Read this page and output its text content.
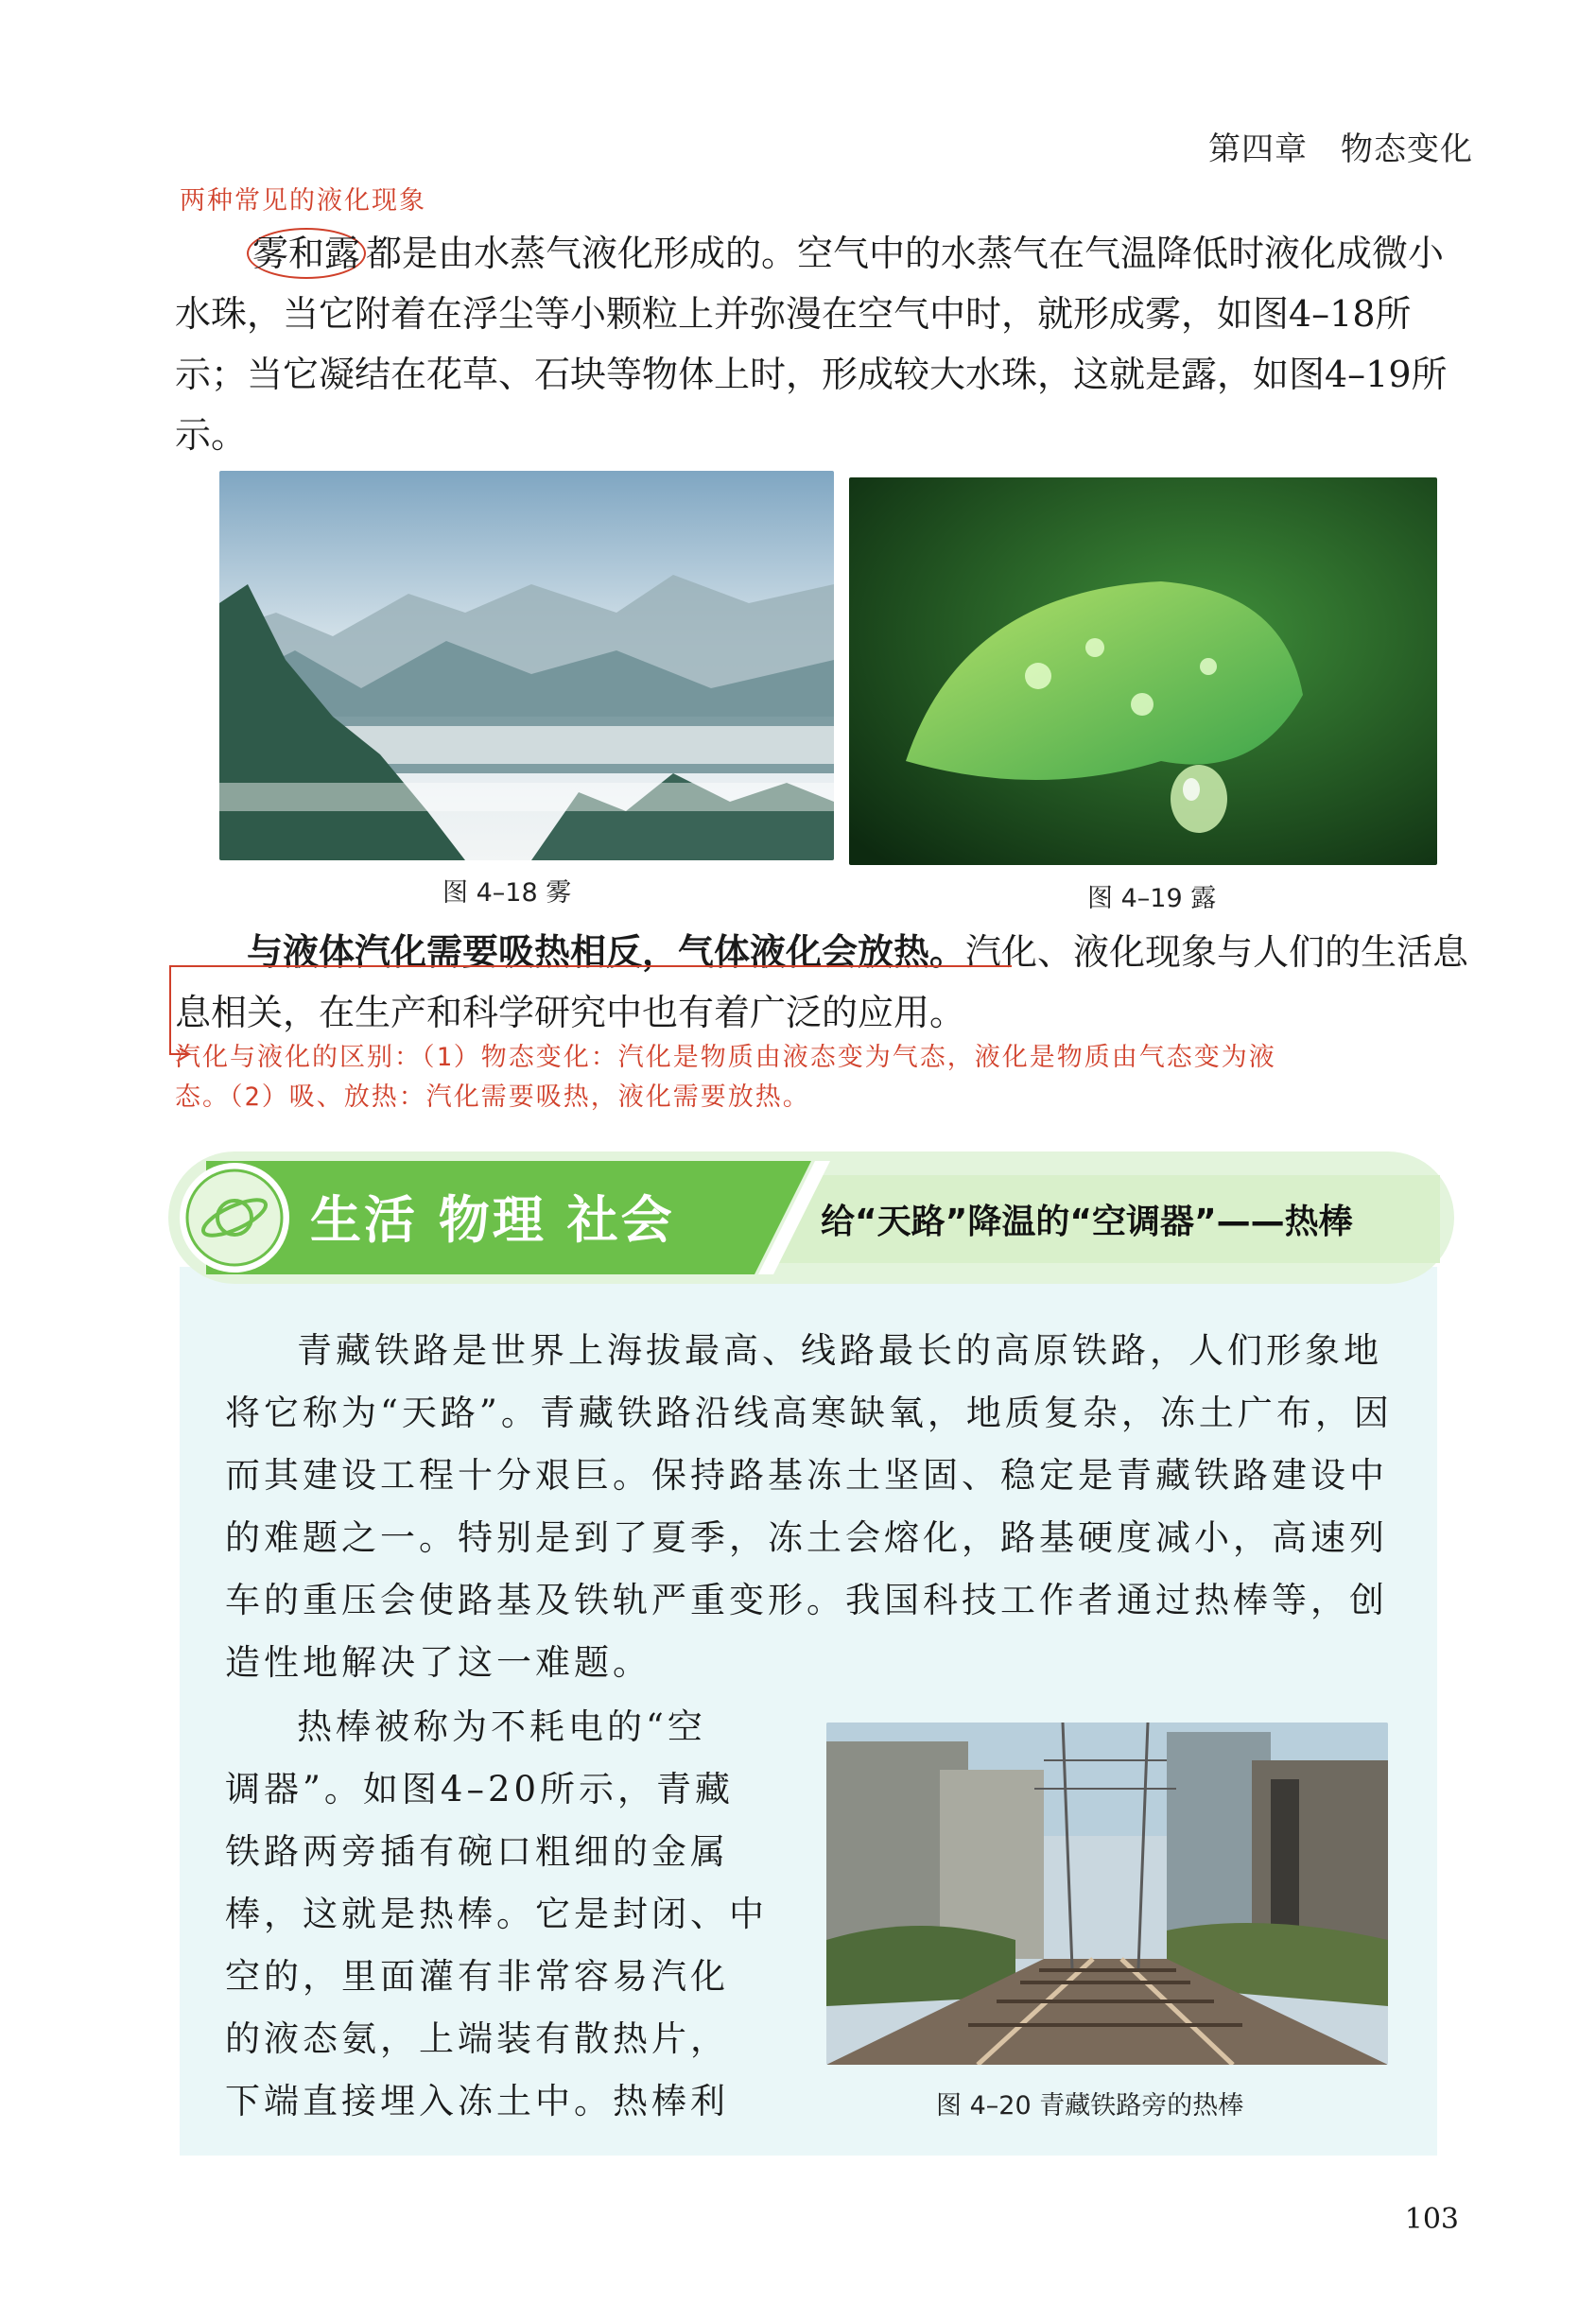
第四章　物态变化
两种常见的液化现象

雾和露 都是由水蒸气液化形成的。空气中的水蒸气在气温降低时液化成微小水珠，当它附着在浮尘等小颗粒上并弥漫在空气中时，就形成雾，如图4–18所示；当它凝结在花草、石块等物体上时，形成较大水珠，这就是露，如图4–19所示。

图 4–18 雾	图 4–19 露

与液体汽化需要吸热相反，气体液化会放热。汽化、液化现象与人们的生活息息相关，在生产和科学研究中也有着广泛的应用。

汽化与液化的区别：（1）物态变化：汽化是物质由液态变为气态，液化是物质由气态变为液
态。（2）吸、放热：汽化需要吸热，液化需要放热。
生活 物理 社会	给“天路”降温的“空调器”——热棒
青藏铁路是世界上海拔最高、线路最长的高原铁路，人们形象地将它称为“天路”。青藏铁路沿线高寒缺氧，地质复杂，冻土广布，因而其建设工程十分艰巨。保持路基冻土坚固、稳定是青藏铁路建设中的难题之一。特别是到了夏季，冻土会熔化，路基硬度减小，高速列车的重压会使路基及铁轨严重变形。我国科技工作者通过热棒等，创造性地解决了这一难题。
热棒被称为不耗电的“空
调器”。如图4–20所示，青藏
铁路两旁插有碗口粗细的金属
棒，这就是热棒。它是封闭、中
空的，里面灌有非常容易汽化
的液态氨，上端装有散热片，
下端直接埋入冻土中。热棒利	图 4–20 青藏铁路旁的热棒
103
